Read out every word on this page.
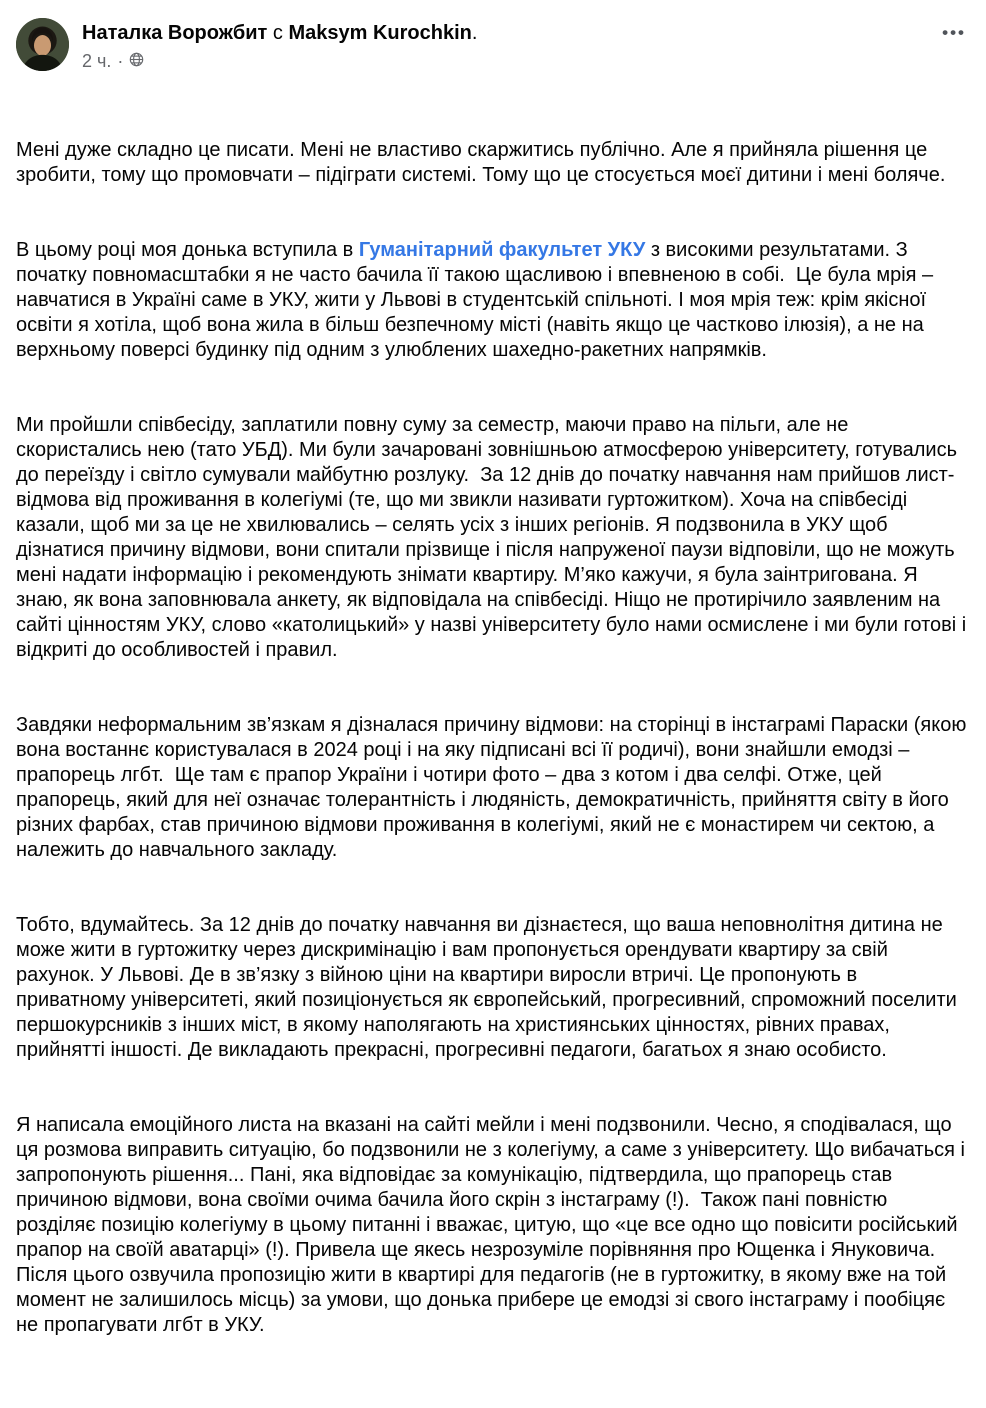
Наталка Ворожбит с Maksym Kurochkin.
2 ч. ·
•••

Мені дуже складно це писати. Мені не властиво скаржитись публічно. Але я прийняла рішення це зробити, тому що промовчати – підіграти системі. Тому що це стосується моєї дитини і мені боляче.

В цьому році моя донька вступила в Гуманітарний факультет УКУ з високими результатами. З початку повномасштабки я не часто бачила її такою щасливою і впевненою в собі.  Це була мрія – навчатися в Україні саме в УКУ, жити у Львові в студентській спільноті. І моя мрія теж: крім якісної освіти я хотіла, щоб вона жила в більш безпечному місті (навіть якщо це частково ілюзія), а не на верхньому поверсі будинку під одним з улюблених шахедно-ракетних напрямків.

Ми пройшли співбесіду, заплатили повну суму за семестр, маючи право на пільги, але не скористались нею (тато УБД). Ми були зачаровані зовнішньою атмосферою університету, готувались до переїзду і світло сумували майбутню розлуку.  За 12 днів до початку навчання нам прийшов лист-відмова від проживання в колегіумі (те, що ми звикли називати гуртожитком). Хоча на співбесіді казали, щоб ми за це не хвилювались – селять усіх з інших регіонів. Я подзвонила в УКУ щоб дізнатися причину відмови, вони спитали прізвище і після напруженої паузи відповіли, що не можуть мені надати інформацію і рекомендують знімати квартиру. М’яко кажучи, я була заінтригована. Я знаю, як вона заповнювала анкету, як відповідала на співбесіді. Ніщо не протирічило заявленим на сайті цінностям УКУ, слово «католицький» у назві університету було нами осмислене і ми були готові і відкриті до особливостей і правил.

Завдяки неформальним зв’язкам я дізналася причину відмови: на сторінці в інстаграмі Параски (якою вона востаннє користувалася в 2024 році і на яку підписані всі її родичі), вони знайшли емодзі – прапорець лгбт.  Ще там є прапор України і чотири фото – два з котом і два селфі. Отже, цей прапорець, який для неї означає толерантність і людяність, демократичність, прийняття світу в його різних фарбах, став причиною відмови проживання в колегіумі, який не є монастирем чи сектою, а належить до навчального закладу.

Тобто, вдумайтесь. За 12 днів до початку навчання ви дізнаєтеся, що ваша неповнолітня дитина не може жити в гуртожитку через дискримінацію і вам пропонується орендувати квартиру за свій рахунок. У Львові. Де в зв’язку з війною ціни на квартири виросли втричі. Це пропонують в приватному університеті, який позиціонується як європейський, прогресивний, спроможний поселити першокурсників з інших міст, в якому наполягають на християнських цінностях, рівних правах, прийнятті іншості. Де викладають прекрасні, прогресивні педагоги, багатьох я знаю особисто.

Я написала емоційного листа на вказані на сайті мейли і мені подзвонили. Чесно, я сподівалася, що ця розмова виправить ситуацію, бо подзвонили не з колегіуму, а саме з університету. Що вибачаться і запропонують рішення... Пані, яка відповідає за комунікацію, підтвердила, що прапорець став причиною відмови, вона своїми очима бачила його скрін з інстаграму (!).  Також пані повністю розділяє позицію колегіуму в цьому питанні і вважає, цитую, що «це все одно що повісити російський прапор на своїй аватарці» (!). Привела ще якесь незрозуміле порівняння про Ющенка і Януковича. Після цього озвучила пропозицію жити в квартирі для педагогів (не в гуртожитку, в якому вже на той момент не залишилось місць) за умови, що донька прибере це емодзі зі свого інстаграму і пообіцяє не пропагувати лгбт в УКУ.
